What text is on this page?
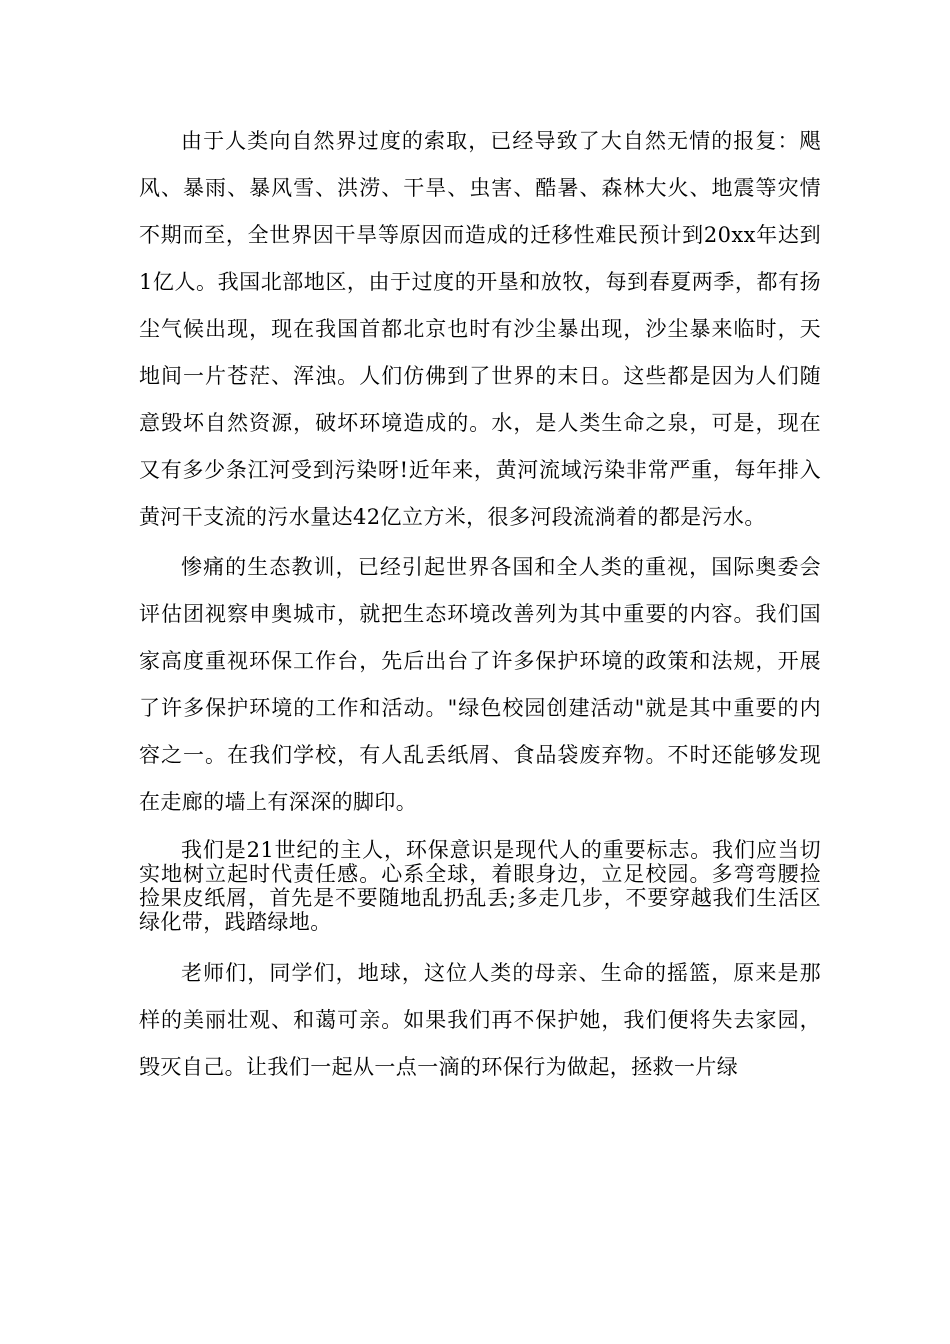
由于人类向自然界过度的索取，已经导致了大自然无情的报复：飓风、暴雨、暴风雪、洪涝、干旱、虫害、酷暑、森林大火、地震等灾情不期而至，全世界因干旱等原因而造成的迁移性难民预计到20xx年达到1亿人。我国北部地区，由于过度的开垦和放牧，每到春夏两季，都有扬尘气候出现，现在我国首都北京也时有沙尘暴出现，沙尘暴来临时，天地间一片苍茫、浑浊。人们仿佛到了世界的末日。这些都是因为人们随意毁坏自然资源，破坏环境造成的。水，是人类生命之泉，可是，现在又有多少条江河受到污染呀!近年来，黄河流域污染非常严重，每年排入黄河干支流的污水量达42亿立方米，很多河段流淌着的都是污水。

惨痛的生态教训，已经引起世界各国和全人类的重视，国际奥委会评估团视察申奥城市，就把生态环境改善列为其中重要的内容。我们国家高度重视环保工作台，先后出台了许多保护环境的政策和法规，开展了许多保护环境的工作和活动。"绿色校园创建活动"就是其中重要的内容之一。在我们学校，有人乱丢纸屑、食品袋废弃物。不时还能够发现在走廊的墙上有深深的脚印。

我们是21世纪的主人，环保意识是现代人的重要标志。我们应当切实地树立起时代责任感。心系全球，着眼身边，立足校园。多弯弯腰捡捡果皮纸屑，首先是不要随地乱扔乱丢;多走几步，不要穿越我们生活区绿化带，践踏绿地。

老师们，同学们，地球，这位人类的母亲、生命的摇篮，原来是那样的美丽壮观、和蔼可亲。如果我们再不保护她，我们便将失去家园，毁灭自己。让我们一起从一点一滴的环保行为做起，拯救一片绿
